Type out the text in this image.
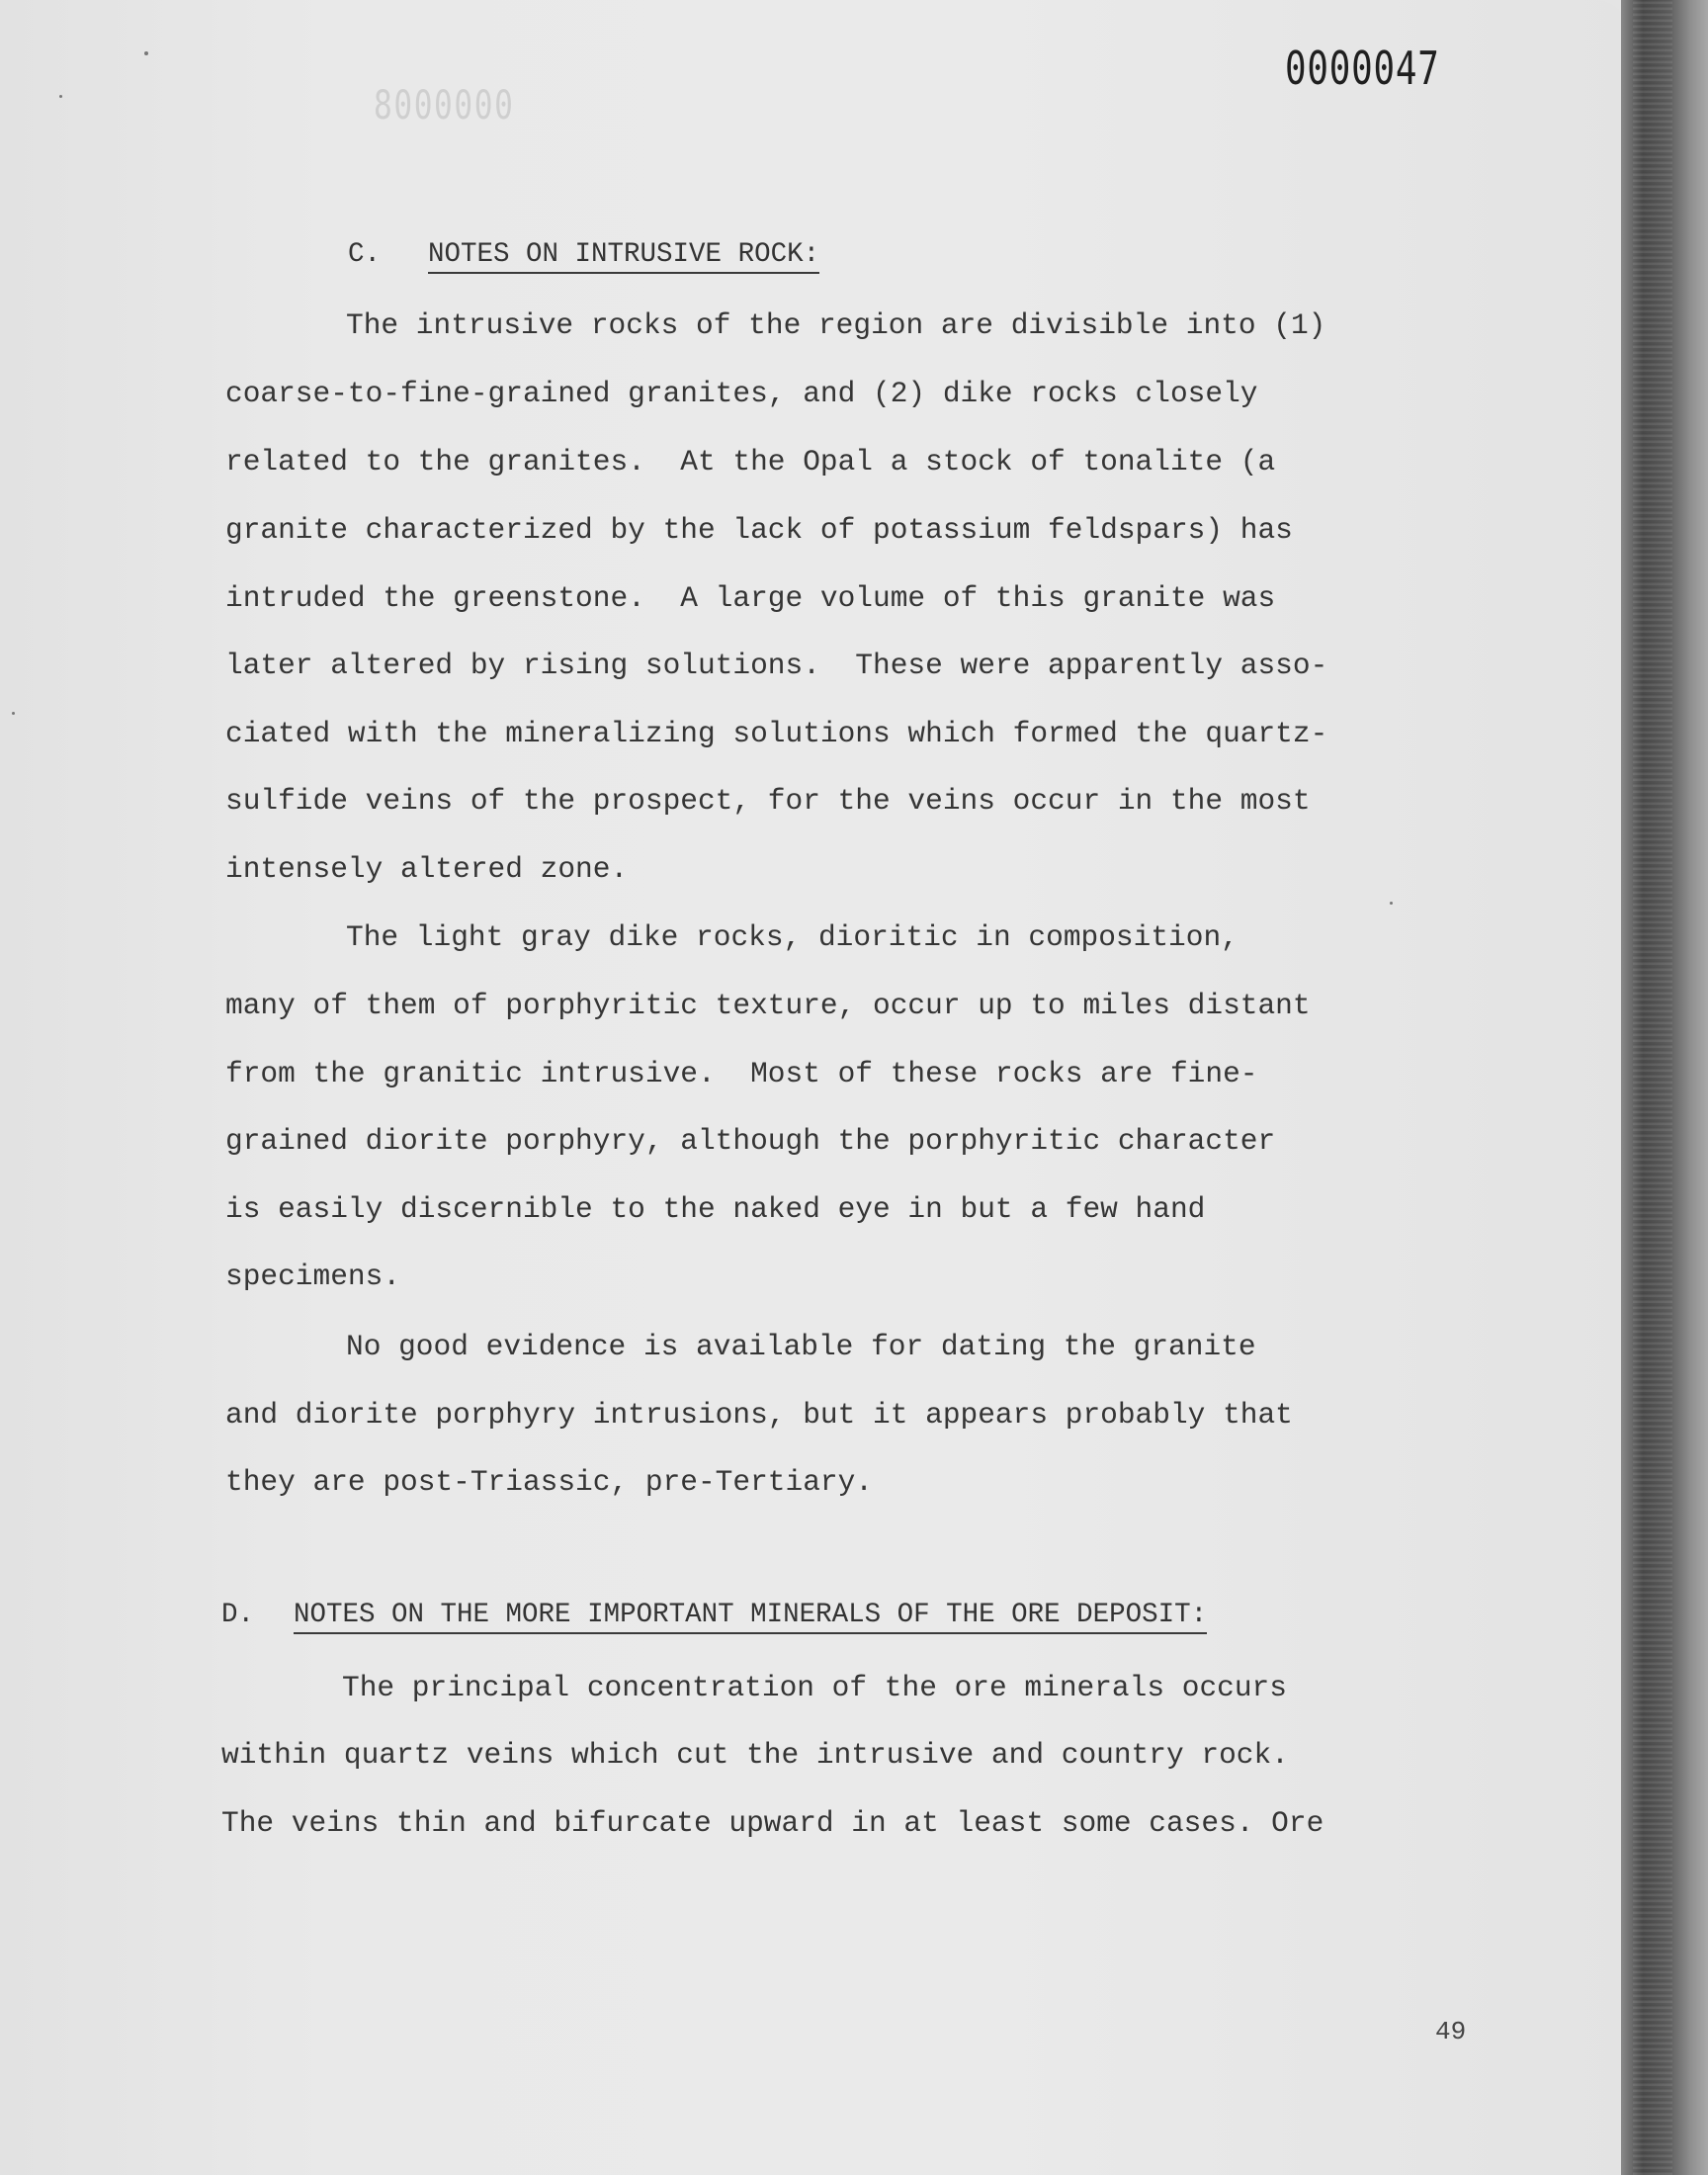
0000047
8000000
C. NOTES ON INTRUSIVE ROCK:
The intrusive rocks of the region are divisible into (1)
coarse-to-fine-grained granites, and (2) dike rocks closely
related to the granites.  At the Opal a stock of tonalite (a
granite characterized by the lack of potassium feldspars) has
intruded the greenstone.  A large volume of this granite was
later altered by rising solutions.  These were apparently asso-
ciated with the mineralizing solutions which formed the quartz-
sulfide veins of the prospect, for the veins occur in the most
intensely altered zone.
The light gray dike rocks, dioritic in composition,
many of them of porphyritic texture, occur up to miles distant
from the granitic intrusive.  Most of these rocks are fine-
grained diorite porphyry, although the porphyritic character
is easily discernible to the naked eye in but a few hand
specimens.
No good evidence is available for dating the granite
and diorite porphyry intrusions, but it appears probably that
they are post-Triassic, pre-Tertiary.
D. NOTES ON THE MORE IMPORTANT MINERALS OF THE ORE DEPOSIT:
The principal concentration of the ore minerals occurs
within quartz veins which cut the intrusive and country rock.
The veins thin and bifurcate upward in at least some cases. Ore
49
